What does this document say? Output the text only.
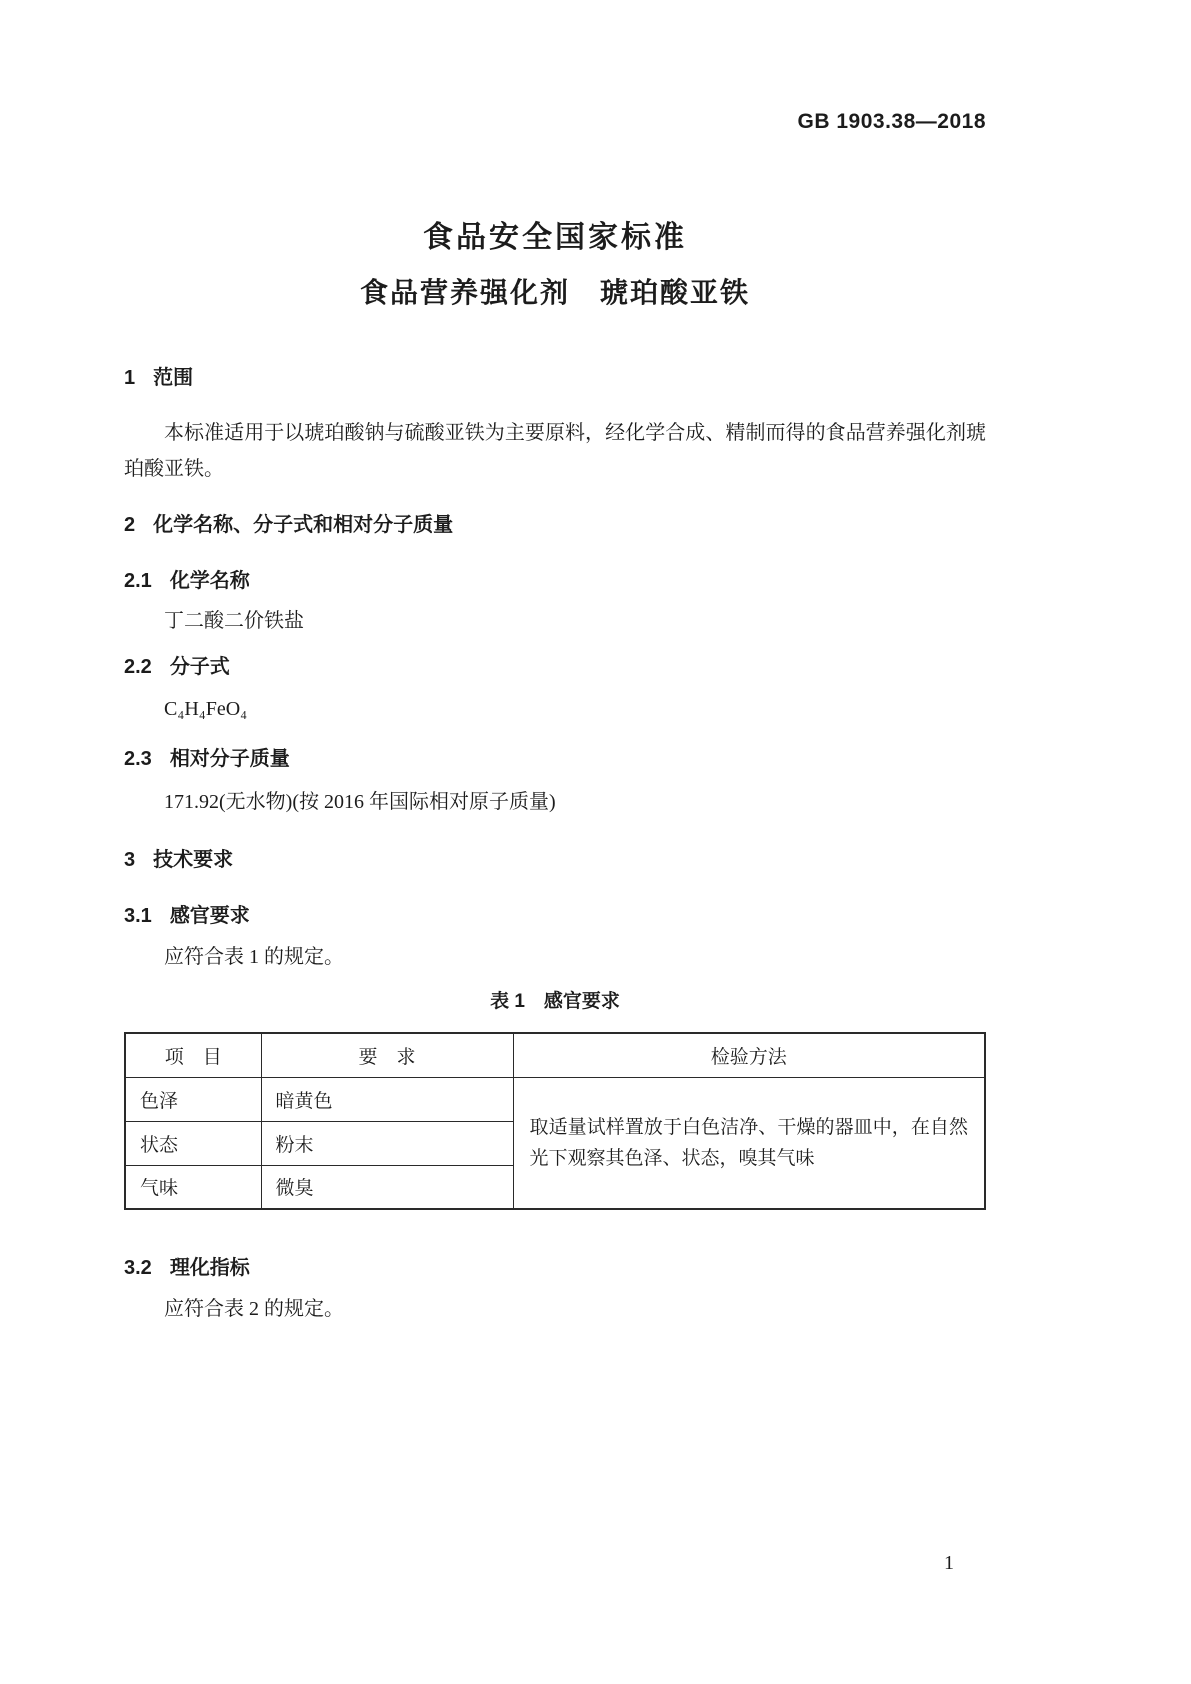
GB 1903.38—2018
食品安全国家标准
食品营养强化剂　琥珀酸亚铁
1 范围

本标准适用于以琥珀酸钠与硫酸亚铁为主要原料，经化学合成、精制而得的食品营养强化剂琥珀酸亚铁。

2 化学名称、分子式和相对分子质量
2.1 化学名称

丁二酸二价铁盐

2.2 分子式

C₄H₄FeO₄

2.3 相对分子质量

171.92(无水物)(按 2016 年国际相对原子质量)

3 技术要求
3.1 感官要求

应符合表 1 的规定。

表 1　感官要求
项　目	要　求	检验方法
色泽	暗黄色	取适量试样置放于白色洁净、干燥的器皿中，在自然光下观察其色泽、状态，嗅其气味
状态	粉末	
气味	微臭	
3.2 理化指标

应符合表 2 的规定。

1
